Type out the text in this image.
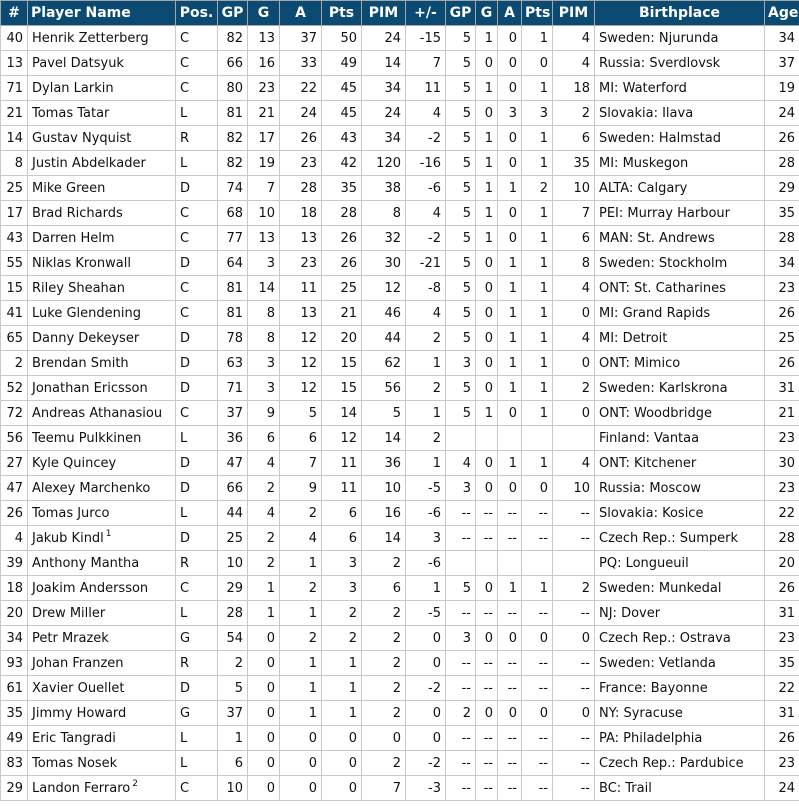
#	Player Name	Pos.	GP	G	A	Pts	PIM	+/-	GP	G	A	Pts	PIM	Birthplace	Age
40	Henrik Zetterberg	C	82	13	37	50	24	-15	5	1	0	1	4	Sweden: Njurunda	34
13	Pavel Datsyuk	C	66	16	33	49	14	7	5	0	0	0	4	Russia: Sverdlovsk	37
71	Dylan Larkin	C	80	23	22	45	34	11	5	1	0	1	18	MI: Waterford	19
21	Tomas Tatar	L	81	21	24	45	24	4	5	0	3	3	2	Slovakia: Ilava	24
14	Gustav Nyquist	R	82	17	26	43	34	-2	5	1	0	1	6	Sweden: Halmstad	26
8	Justin Abdelkader	L	82	19	23	42	120	-16	5	1	0	1	35	MI: Muskegon	28
25	Mike Green	D	74	7	28	35	38	-6	5	1	1	2	10	ALTA: Calgary	29
17	Brad Richards	C	68	10	18	28	8	4	5	1	0	1	7	PEI: Murray Harbour	35
43	Darren Helm	C	77	13	13	26	32	-2	5	1	0	1	6	MAN: St. Andrews	28
55	Niklas Kronwall	D	64	3	23	26	30	-21	5	0	1	1	8	Sweden: Stockholm	34
15	Riley Sheahan	C	81	14	11	25	12	-8	5	0	1	1	4	ONT: St. Catharines	23
41	Luke Glendening	C	81	8	13	21	46	4	5	0	1	1	0	MI: Grand Rapids	26
65	Danny Dekeyser	D	78	8	12	20	44	2	5	0	1	1	4	MI: Detroit	25
2	Brendan Smith	D	63	3	12	15	62	1	3	0	1	1	0	ONT: Mimico	26
52	Jonathan Ericsson	D	71	3	12	15	56	2	5	0	1	1	2	Sweden: Karlskrona	31
72	Andreas Athanasiou	C	37	9	5	14	5	1	5	1	0	1	0	ONT: Woodbridge	21
56	Teemu Pulkkinen	L	36	6	6	12	14	2						Finland: Vantaa	23
27	Kyle Quincey	D	47	4	7	11	36	1	4	0	1	1	4	ONT: Kitchener	30
47	Alexey Marchenko	D	66	2	9	11	10	-5	3	0	0	0	10	Russia: Moscow	23
26	Tomas Jurco	L	44	4	2	6	16	-6	--	--	--	--	--	Slovakia: Kosice	22
4	Jakub Kindl $^1$	D	25	2	4	6	14	3	--	--	--	--	--	Czech Rep.: Sumperk	28
39	Anthony Mantha	R	10	2	1	3	2	-6						PQ: Longueuil	20
18	Joakim Andersson	C	29	1	2	3	6	1	5	0	1	1	2	Sweden: Munkedal	26
20	Drew Miller	L	28	1	1	2	2	-5	--	--	--	--	--	NJ: Dover	31
34	Petr Mrazek	G	54	0	2	2	2	0	3	0	0	0	0	Czech Rep.: Ostrava	23
93	Johan Franzen	R	2	0	1	1	2	0	--	--	--	--	--	Sweden: Vetlanda	35
61	Xavier Ouellet	D	5	0	1	1	2	-2	--	--	--	--	--	France: Bayonne	22
35	Jimmy Howard	G	37	0	1	1	2	0	2	0	0	0	0	NY: Syracuse	31
49	Eric Tangradi	L	1	0	0	0	0	0	--	--	--	--	--	PA: Philadelphia	26
83	Tomas Nosek	L	6	0	0	0	2	-2	--	--	--	--	--	Czech Rep.: Pardubice	23
29	Landon Ferraro $^2$	C	10	0	0	0	7	-3	--	--	--	--	--	BC: Trail	24
